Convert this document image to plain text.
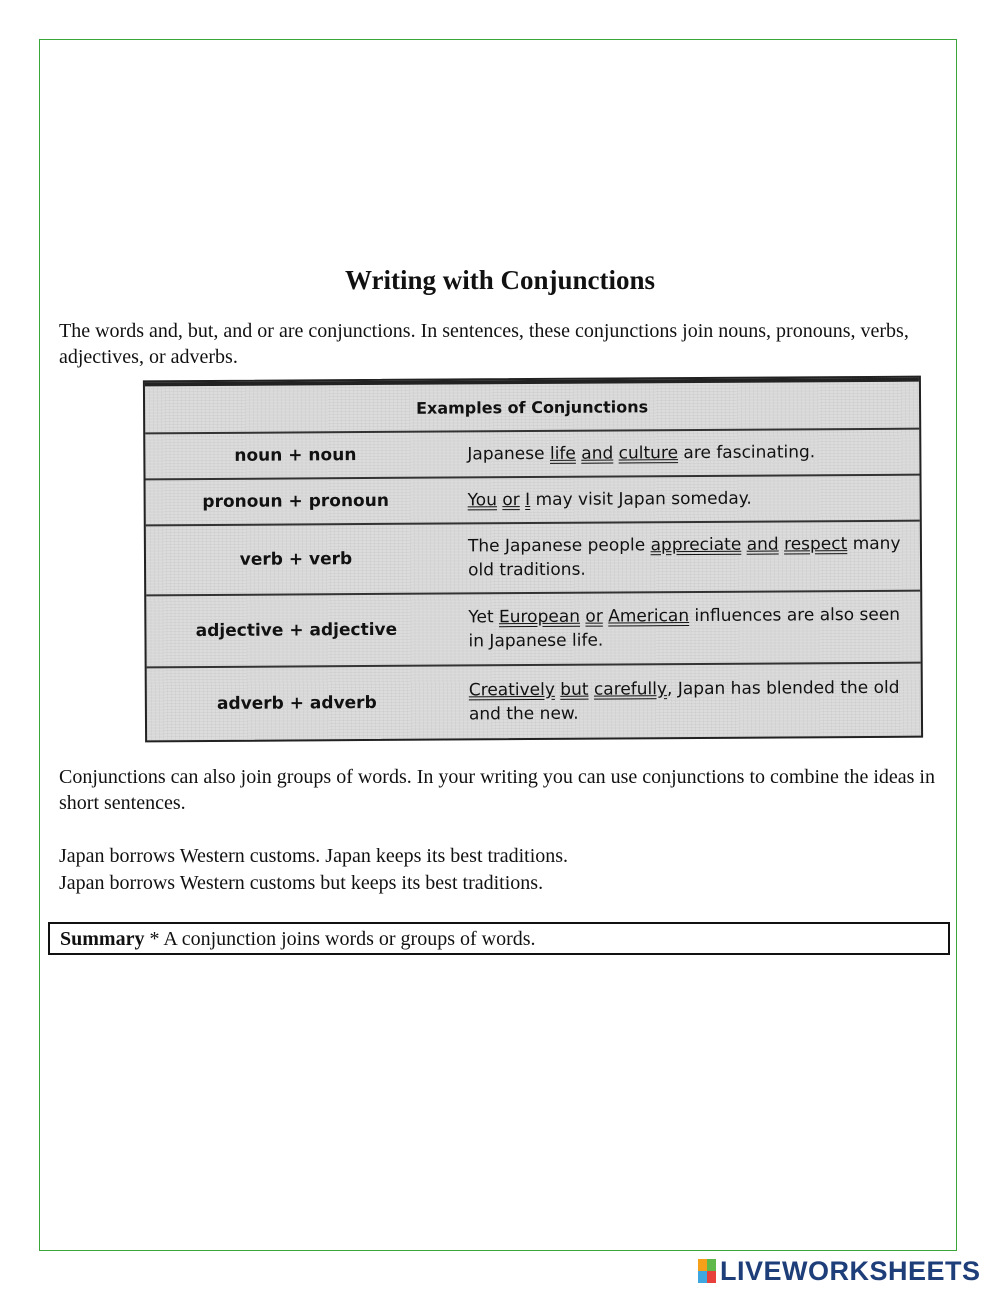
Writing with Conjunctions

The words and, but, and or are conjunctions. In sentences, these conjunctions join nouns, pronouns, verbs, adjectives, or adverbs.

Examples of Conjunctions
noun + noun	Japanese life and culture are fascinating.
pronoun + pronoun	You or I may visit Japan someday.
verb + verb
The Japanese people appreciate and respect many old traditions.
adjective + adjective
Yet European or American influences are also seen in Japanese life.
adverb + adverb
Creatively but carefully, Japan has blended the old and the new.

Conjunctions can also join groups of words. In your writing you can use conjunctions to combine the ideas in short sentences.

Japan borrows Western customs. Japan keeps its best traditions.

Japan borrows Western customs but keeps its best traditions.

Summary * A conjunction joins words or groups of words.
LIVEWORKSHEETS
